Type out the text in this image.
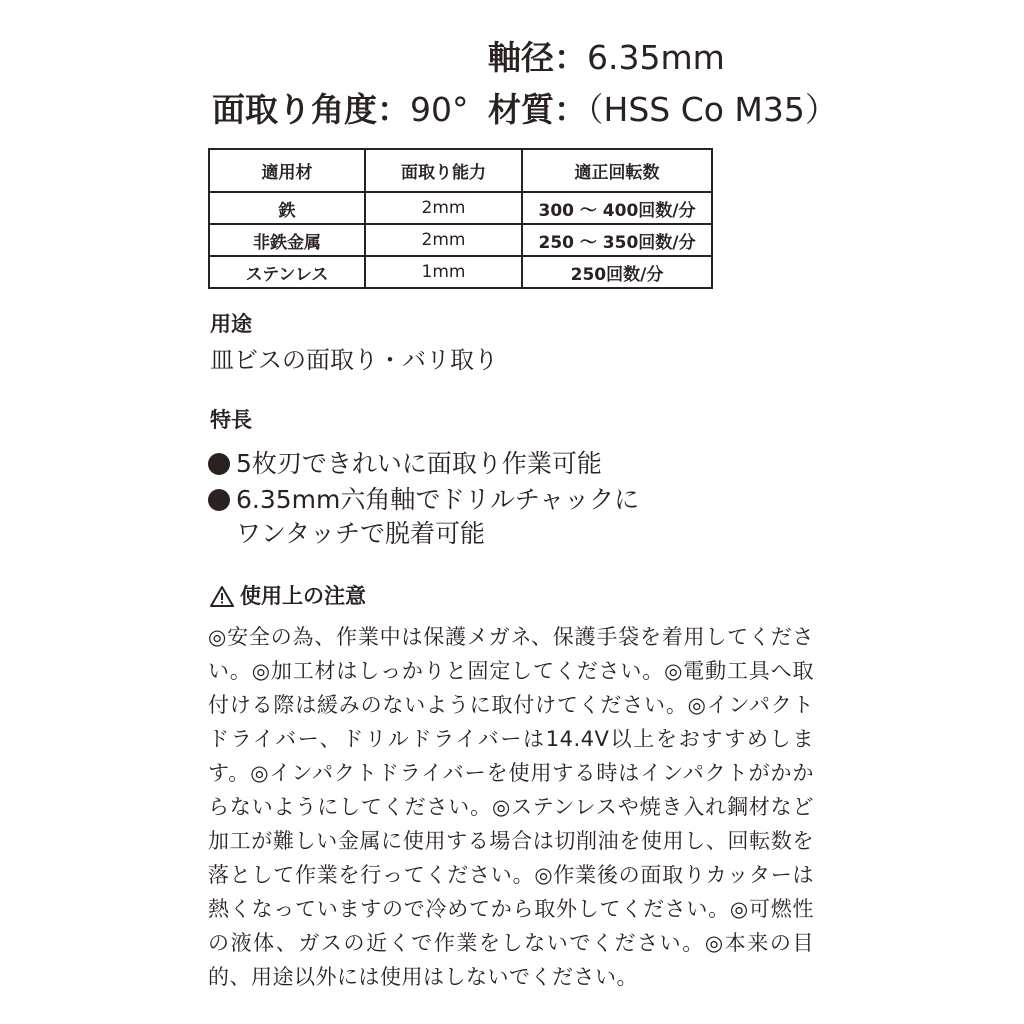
軸径：6.35mm
面取り角度：90° 材質：（HSS Co M35）
適用材	面取り能力	適正回転数
鉄	2mm	300 〜 400回数/分
非鉄金属	2mm	250 〜 350回数/分
ステンレス	1mm	250回数/分
用途
皿ビスの面取り・バリ取り
特長
5枚刃できれいに面取り作業可能
6.35mm六角軸でドリルチャックに
ワンタッチで脱着可能
使用上の注意
◎安全の為、作業中は保護メガネ、保護手袋を着用してください。◎加工材はしっかりと固定してください。◎電動工具へ取付ける際は緩みのないように取付けてください。◎インパクトドライバー、ドリルドライバーは14.4V以上をおすすめします。◎インパクトドライバーを使用する時はインパクトがかからないようにしてください。◎ステンレスや焼き入れ鋼材など加工が難しい金属に使用する場合は切削油を使用し、回転数を落として作業を行ってください。◎作業後の面取りカッターは熱くなっていますので冷めてから取外してください。◎可燃性の液体、ガスの近くで作業をしないでください。◎本来の目的、用途以外には使用はしないでください。
